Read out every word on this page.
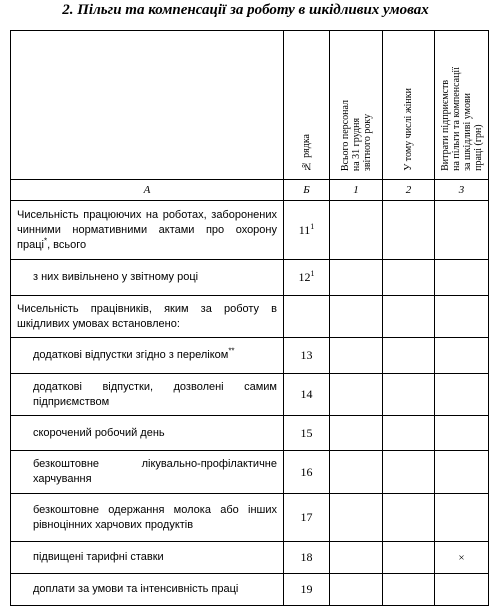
2. Пільги та компенсації за роботу в шкідливих умовах
	№ рядка	Всього персонал
на 31 грудня
звітного року	У тому числі жінки	Витрати підприємств
на пільги та компенсації
за шкідливі умови
праці (грн)
А	Б	1	2	3
Чисельність працюючих на роботах, заборонених чинними нормативними актами про охорону праці*, всього	$11^1$			
з них вивільнено у звітному році	$12^1$			
Чисельність працівників, яким за роботу в шкідливих умовах встановлено:				
додаткові відпустки згідно з переліком**	13			
додаткові відпустки, дозволені самим підприємством	14			
скорочений робочий день	15			
безкоштовне лікувально-профілактичне харчування	16			
безкоштовне одержання молока або інших рівноцінних харчових продуктів	17			
підвищені тарифні ставки	18			×
доплати за умови та інтенсивність праці	19			
